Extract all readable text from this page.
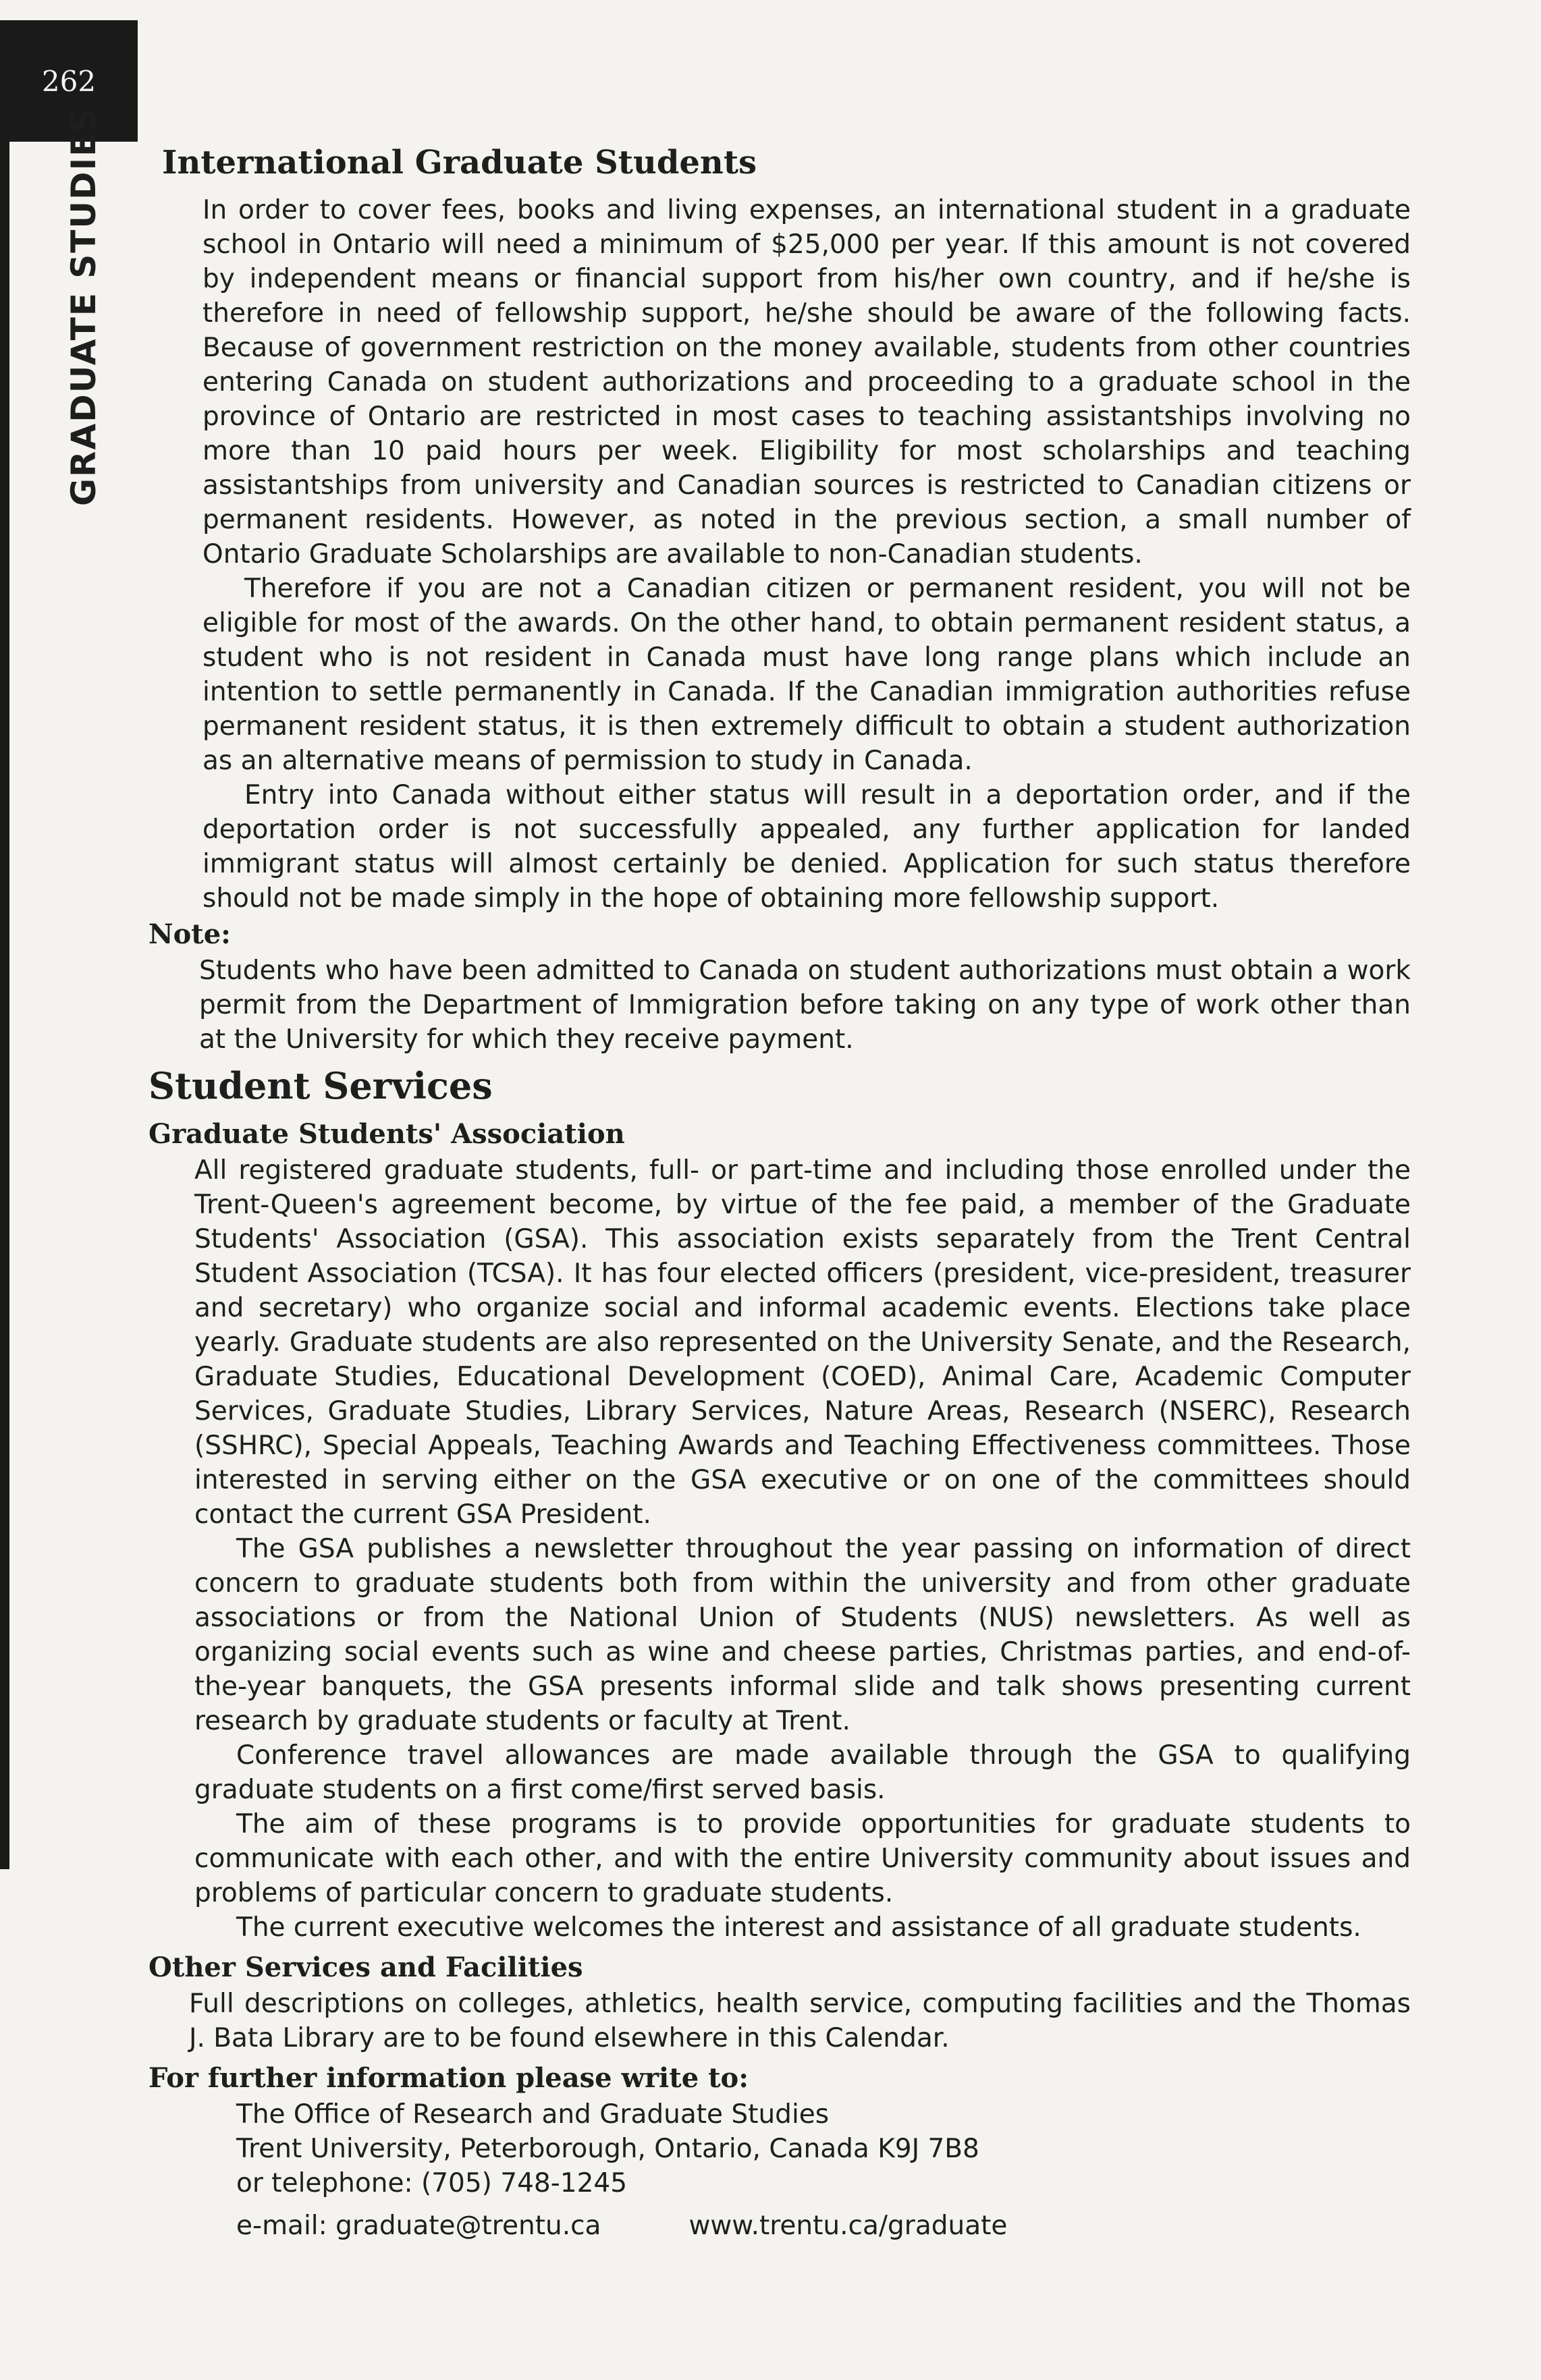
262
GRADUATE STUDIES International Graduate Students

In order to cover fees, books and living expenses, an international student in a graduate school in Ontario will need a minimum of $25,000 per year. If this amount is not covered by independent means or financial support from his/her own country, and if he/she is therefore in need of fellowship support, he/she should be aware of the following facts. Because of government restriction on the money available, students from other countries entering Canada on student authorizations and proceeding to a graduate school in the province of Ontario are restricted in most cases to teaching assistantships involving no more than 10 paid hours per week. Eligibility for most scholarships and teaching assistantships from university and Canadian sources is restricted to Canadian citizens or permanent residents. However, as noted in the previous section, a small number of Ontario Graduate Scholarships are available to non-Canadian students.

Therefore if you are not a Canadian citizen or permanent resident, you will not be eligible for most of the awards. On the other hand, to obtain permanent resident status, a student who is not resident in Canada must have long range plans which include an intention to settle permanently in Canada. If the Canadian immigration authorities refuse permanent resident status, it is then extremely difficult to obtain a student authorization as an alternative means of permission to study in Canada.

Entry into Canada without either status will result in a deportation order, and if the deportation order is not successfully appealed, any further application for landed immigrant status will almost certainly be denied. Application for such status therefore should not be made simply in the hope of obtaining more fellowship support.

Note:

Students who have been admitted to Canada on student authorizations must obtain a work permit from the Department of Immigration before taking on any type of work other than at the University for which they receive payment.

Student Services
Graduate Students' Association

All registered graduate students, full- or part-time and including those enrolled under the Trent-Queen's agreement become, by virtue of the fee paid, a member of the Graduate Students' Association (GSA). This association exists separately from the Trent Central Student Association (TCSA). It has four elected officers (president, vice-president, treasurer and secretary) who organize social and informal academic events. Elections take place yearly. Graduate students are also represented on the University Senate, and the Research, Graduate Studies, Educational Development (COED), Animal Care, Academic Computer Services, Graduate Studies, Library Services, Nature Areas, Research (NSERC), Research (SSHRC), Special Appeals, Teaching Awards and Teaching Effectiveness committees. Those interested in serving either on the GSA executive or on one of the committees should contact the current GSA President.

The GSA publishes a newsletter throughout the year passing on information of direct concern to graduate students both from within the university and from other graduate associations or from the National Union of Students (NUS) newsletters. As well as organizing social events such as wine and cheese parties, Christmas parties, and end-of-the-year banquets, the GSA presents informal slide and talk shows presenting current research by graduate students or faculty at Trent.

Conference travel allowances are made available through the GSA to qualifying graduate students on a first come/first served basis.

The aim of these programs is to provide opportunities for graduate students to communicate with each other, and with the entire University community about issues and problems of particular concern to graduate students.

The current executive welcomes the interest and assistance of all graduate students.

Other Services and Facilities

Full descriptions on colleges, athletics, health service, computing facilities and the Thomas J. Bata Library are to be found elsewhere in this Calendar.

For further information please write to:
The Office of Research and Graduate Studies
Trent University, Peterborough, Ontario, Canada K9J 7B8
or telephone: (705) 748-1245
e-mail: graduate@trentu.ca	www.trentu.ca/graduate
